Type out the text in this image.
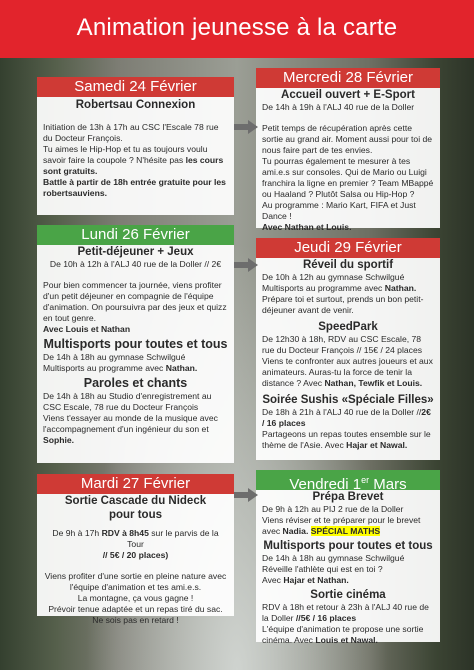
Animation jeunesse à la carte
Samedi 24 Février
Robertsau Connexion

Initiation de 13h à 17h au CSC l'Escale 78 rue du Docteur François.

Tu aimes le Hip-Hop et tu as toujours voulu savoir faire la coupole ? N'hésite pas les cours sont gratuits.

Battle à partir de 18h entrée gratuite pour les robertsauviens.

Lundi 26 Février
Petit-déjeuner + Jeux

De 10h à 12h à l'ALJ 40 rue de la Doller // 2€

Pour bien commencer ta journée, viens profiter d'un petit déjeuner en compagnie de l'équipe d'animation. On poursuivra par des jeux et quizz en tout genre.

Avec Louis et Nathan

Multisports pour toutes et tous

De 14h à 18h au gymnase Schwilgué

Multisports au programme avec Nathan.

Paroles et chants

De 14h à 18h au Studio d'enregistrement au CSC Escale, 78 rue du Docteur François

Viens t'essayer au monde de la musique avec l'accompagnement d'un ingénieur du son et Sophie.

Mardi 27 Février
Sortie Cascade du Nideck
pour tous

De 9h à 17h RDV à 8h45 sur le parvis de la Tour

// 5€ / 20 places)

Viens profiter d'une sortie en pleine nature avec l'équipe d'animation et tes ami.e.s.

La montagne, ça vous gagne !

Prévoir tenue adaptée et un repas tiré du sac.

Ne sois pas en retard !

Mercredi 28 Février
Accueil ouvert + E-Sport

De 14h à 19h à l'ALJ 40 rue de la Doller

Petit temps de récupération après cette sortie au grand air. Moment aussi pour toi de nous faire part de tes envies.

Tu pourras également te mesurer à tes ami.e.s sur consoles. Qui de Mario ou Luigi franchira la ligne en premier ? Team MBappé ou Haaland ? Plutôt Salsa ou Hip-Hop ?

Au programme : Mario Kart, FIFA et Just Dance !

Avec Nathan et Louis.

Jeudi 29 Février
Réveil du sportif

De 10h à 12h au gymnase Schwilgué

Multisports au programme avec Nathan.

Prépare toi et surtout, prends un bon petit-déjeuner avant de venir.

SpeedPark

De 12h30 à 18h, RDV au CSC Escale, 78 rue du Docteur François // 15€ / 24 places

Viens te confronter aux autres joueurs et aux animateurs. Auras-tu la force de tenir la distance ? Avec Nathan, Tewfik et Louis.

Soirée Sushis «Spéciale Filles»

De 18h à 21h à l'ALJ 40 rue de la Doller //2€ / 16 places

Partageons un repas toutes ensemble sur le thème de l'Asie. Avec Hajar et Nawal.

Vendredi 1er Mars
Prépa Brevet

De 9h à 12h au PIJ 2 rue de la Doller

Viens réviser et te préparer pour le brevet avec Nadia. SPÉCIAL MATHS

Multisports pour toutes et tous

De 14h à 18h au gymnase Schwilgué

Réveille l'athlète qui est en toi ?

Avec Hajar et Nathan.

Sortie cinéma

RDV à 18h et retour à 23h à l'ALJ 40 rue de la Doller //5€ / 16 places

L'équipe d'animation te propose une sortie cinéma. Avec Louis et Nawal.
